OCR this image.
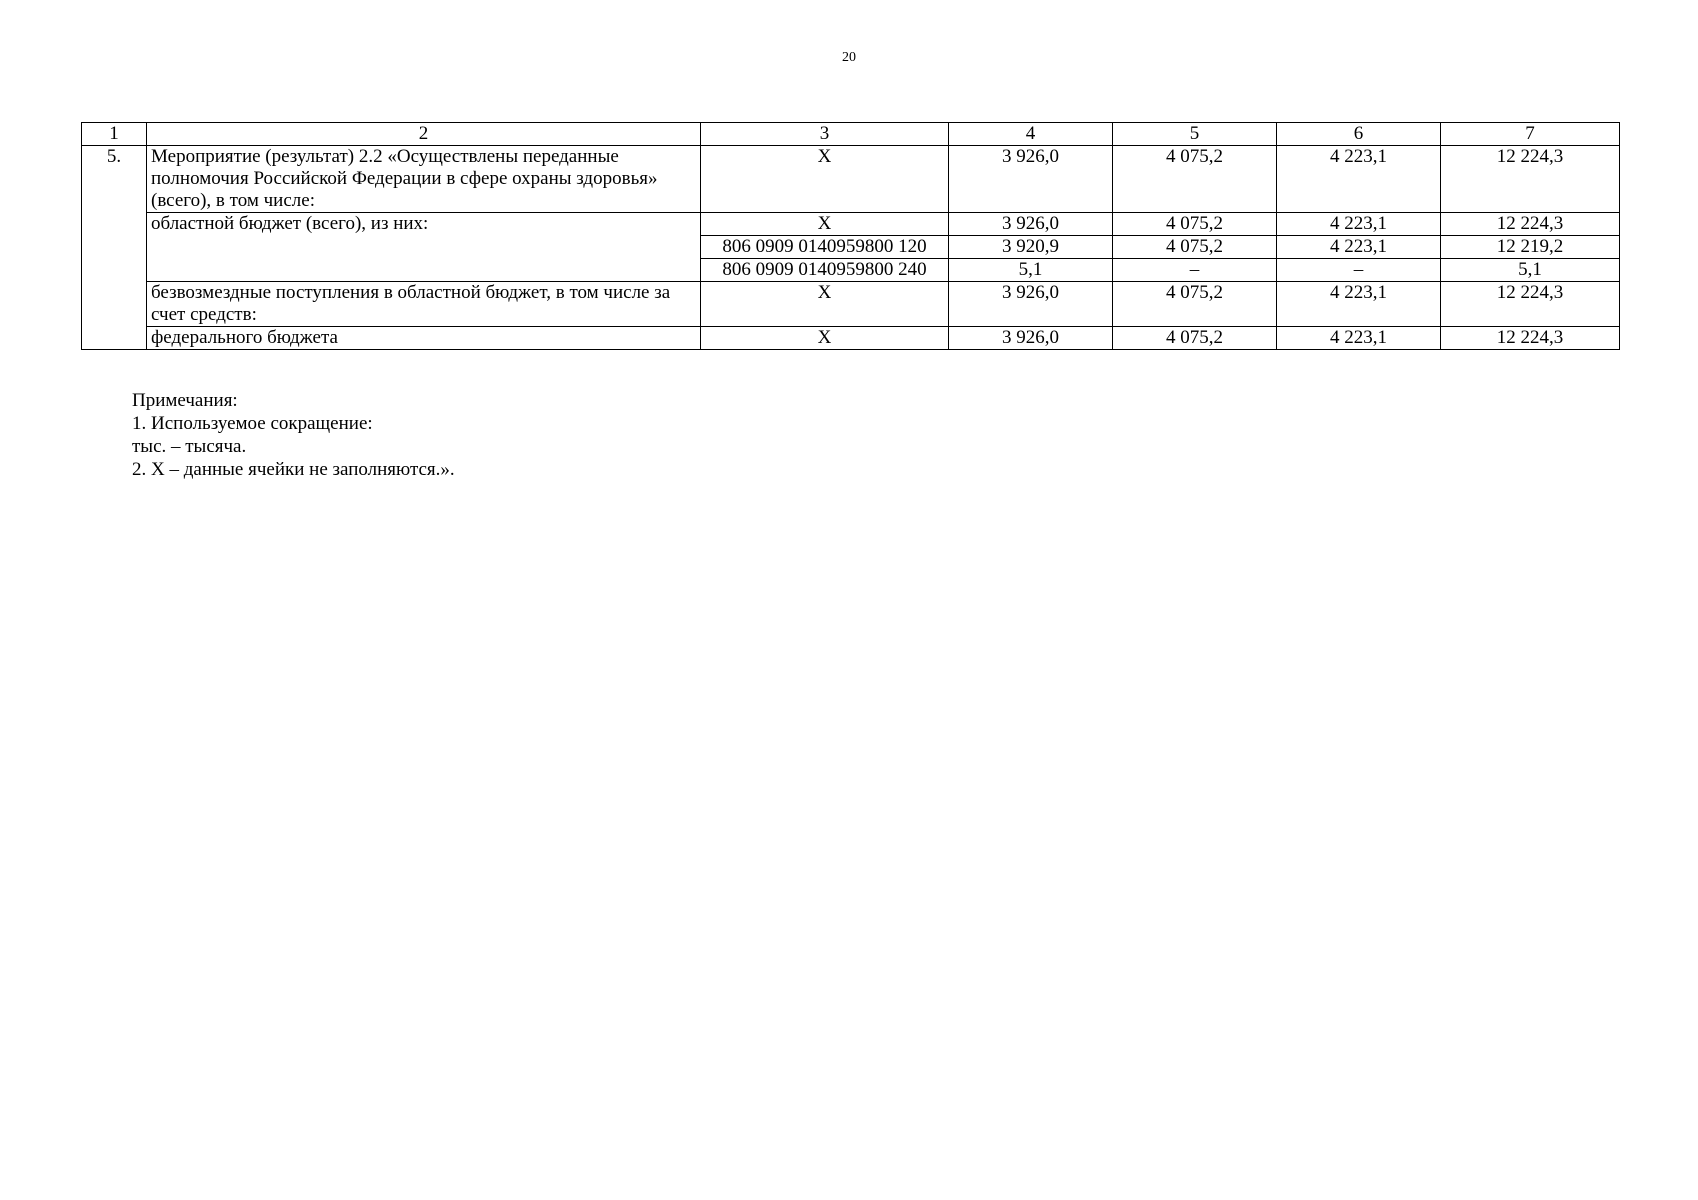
20
1	2	3	4	5	6	7
5.	Мероприятие (результат) 2.2 «Осуществлены переданные полномочия Российской Федерации в сфере охраны здоровья» (всего), в том числе:	Х	3 926,0	4 075,2	4 223,1	12 224,3
	областной бюджет (всего), из них:	Х	3 926,0	4 075,2	4 223,1	12 224,3
		806 0909 0140959800 120	3 920,9	4 075,2	4 223,1	12 219,2
		806 0909 0140959800 240	5,1	–	–	5,1
	безвозмездные поступления в областной бюджет, в том числе за счет средств:	Х	3 926,0	4 075,2	4 223,1	12 224,3
	федерального бюджета	Х	3 926,0	4 075,2	4 223,1	12 224,3
Примечания:
1. Используемое сокращение:
тыс. – тысяча.
2. Х – данные ячейки не заполняются.».
